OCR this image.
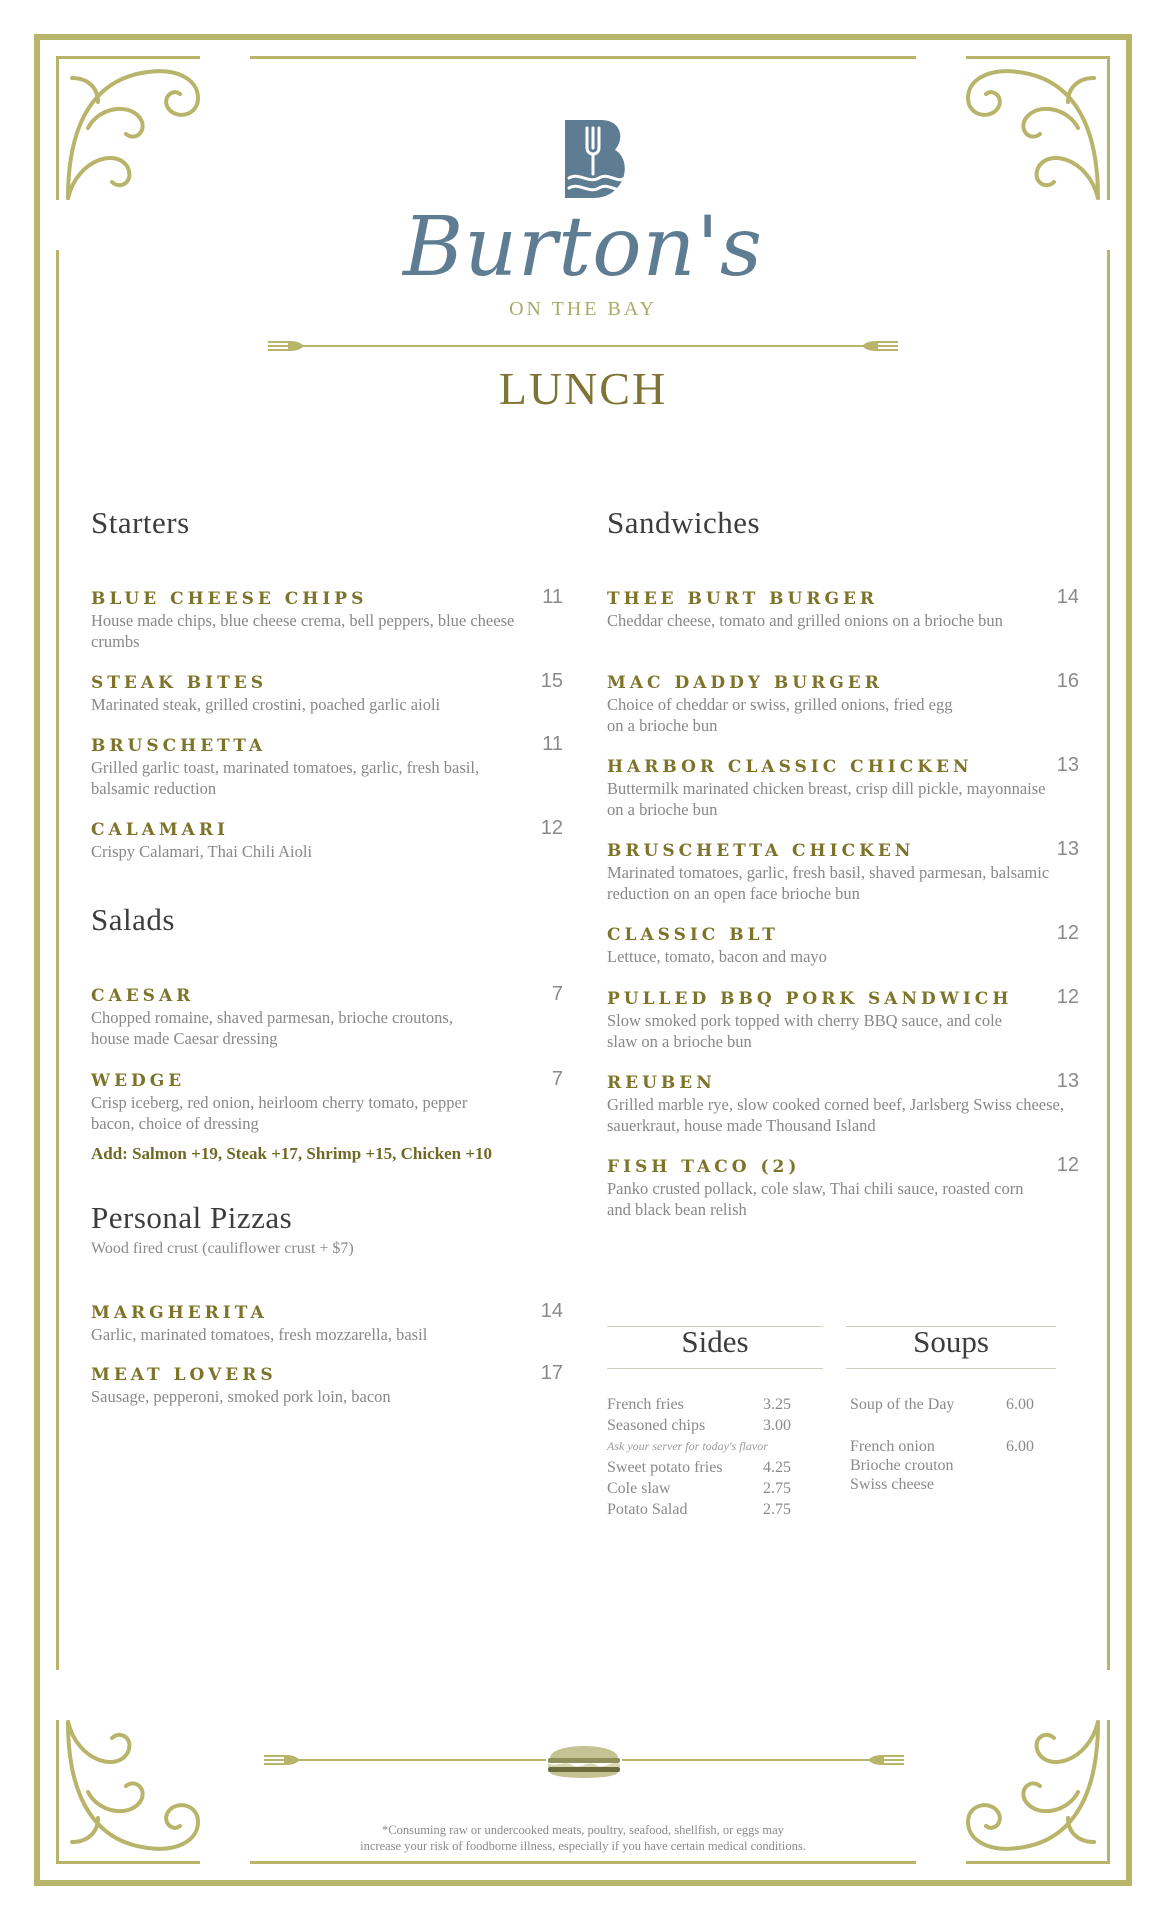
Burton's
ON THE BAY
LUNCH
Starters
BLUE CHEESE CHIPS	11
House made chips, blue cheese crema, bell peppers, blue cheese crumbs
STEAK BITES	15
Marinated steak, grilled crostini, poached garlic aioli
BRUSCHETTA	11
Grilled garlic toast, marinated tomatoes, garlic, fresh basil, balsamic reduction
CALAMARI	12
Crispy Calamari, Thai Chili Aioli
Salads
CAESAR	7
Chopped romaine, shaved parmesan, brioche croutons, house made Caesar dressing
WEDGE	7
Crisp iceberg, red onion, heirloom cherry tomato, pepper bacon, choice of dressing
Add: Salmon +19, Steak +17, Shrimp +15, Chicken +10
Personal Pizzas
Wood fired crust (cauliflower crust + $7)
MARGHERITA	14
Garlic, marinated tomatoes, fresh mozzarella, basil
MEAT LOVERS	17
Sausage, pepperoni, smoked pork loin, bacon
Sandwiches
THEE BURT BURGER	14
Cheddar cheese, tomato and grilled onions on a brioche bun
MAC DADDY BURGER	16
Choice of cheddar or swiss, grilled onions, fried egg on a brioche bun
HARBOR CLASSIC CHICKEN	13
Buttermilk marinated chicken breast, crisp dill pickle, mayonnaise on a brioche bun
BRUSCHETTA CHICKEN	13
Marinated tomatoes, garlic, fresh basil, shaved parmesan, balsamic reduction on an open face brioche bun
CLASSIC BLT	12
Lettuce, tomato, bacon and mayo
PULLED BBQ PORK SANDWICH	12
Slow smoked pork topped with cherry BBQ sauce, and cole slaw on a brioche bun
REUBEN	13
Grilled marble rye, slow cooked corned beef, Jarlsberg Swiss cheese, sauerkraut, house made Thousand Island
FISH TACO (2)	12
Panko crusted pollack, cole slaw, Thai chili sauce, roasted corn and black bean relish
Sides
French fries	3.25
Seasoned chips	3.00
Ask your server for today's flavor
Sweet potato fries	4.25
Cole slaw	2.75
Potato Salad	2.75
Soups
Soup of the Day	6.00
French onion	6.00
Brioche crouton
Swiss cheese
*Consuming raw or undercooked meats, poultry, seafood, shellfish, or eggs may
increase your risk of foodborne illness, especially if you have certain medical conditions.
